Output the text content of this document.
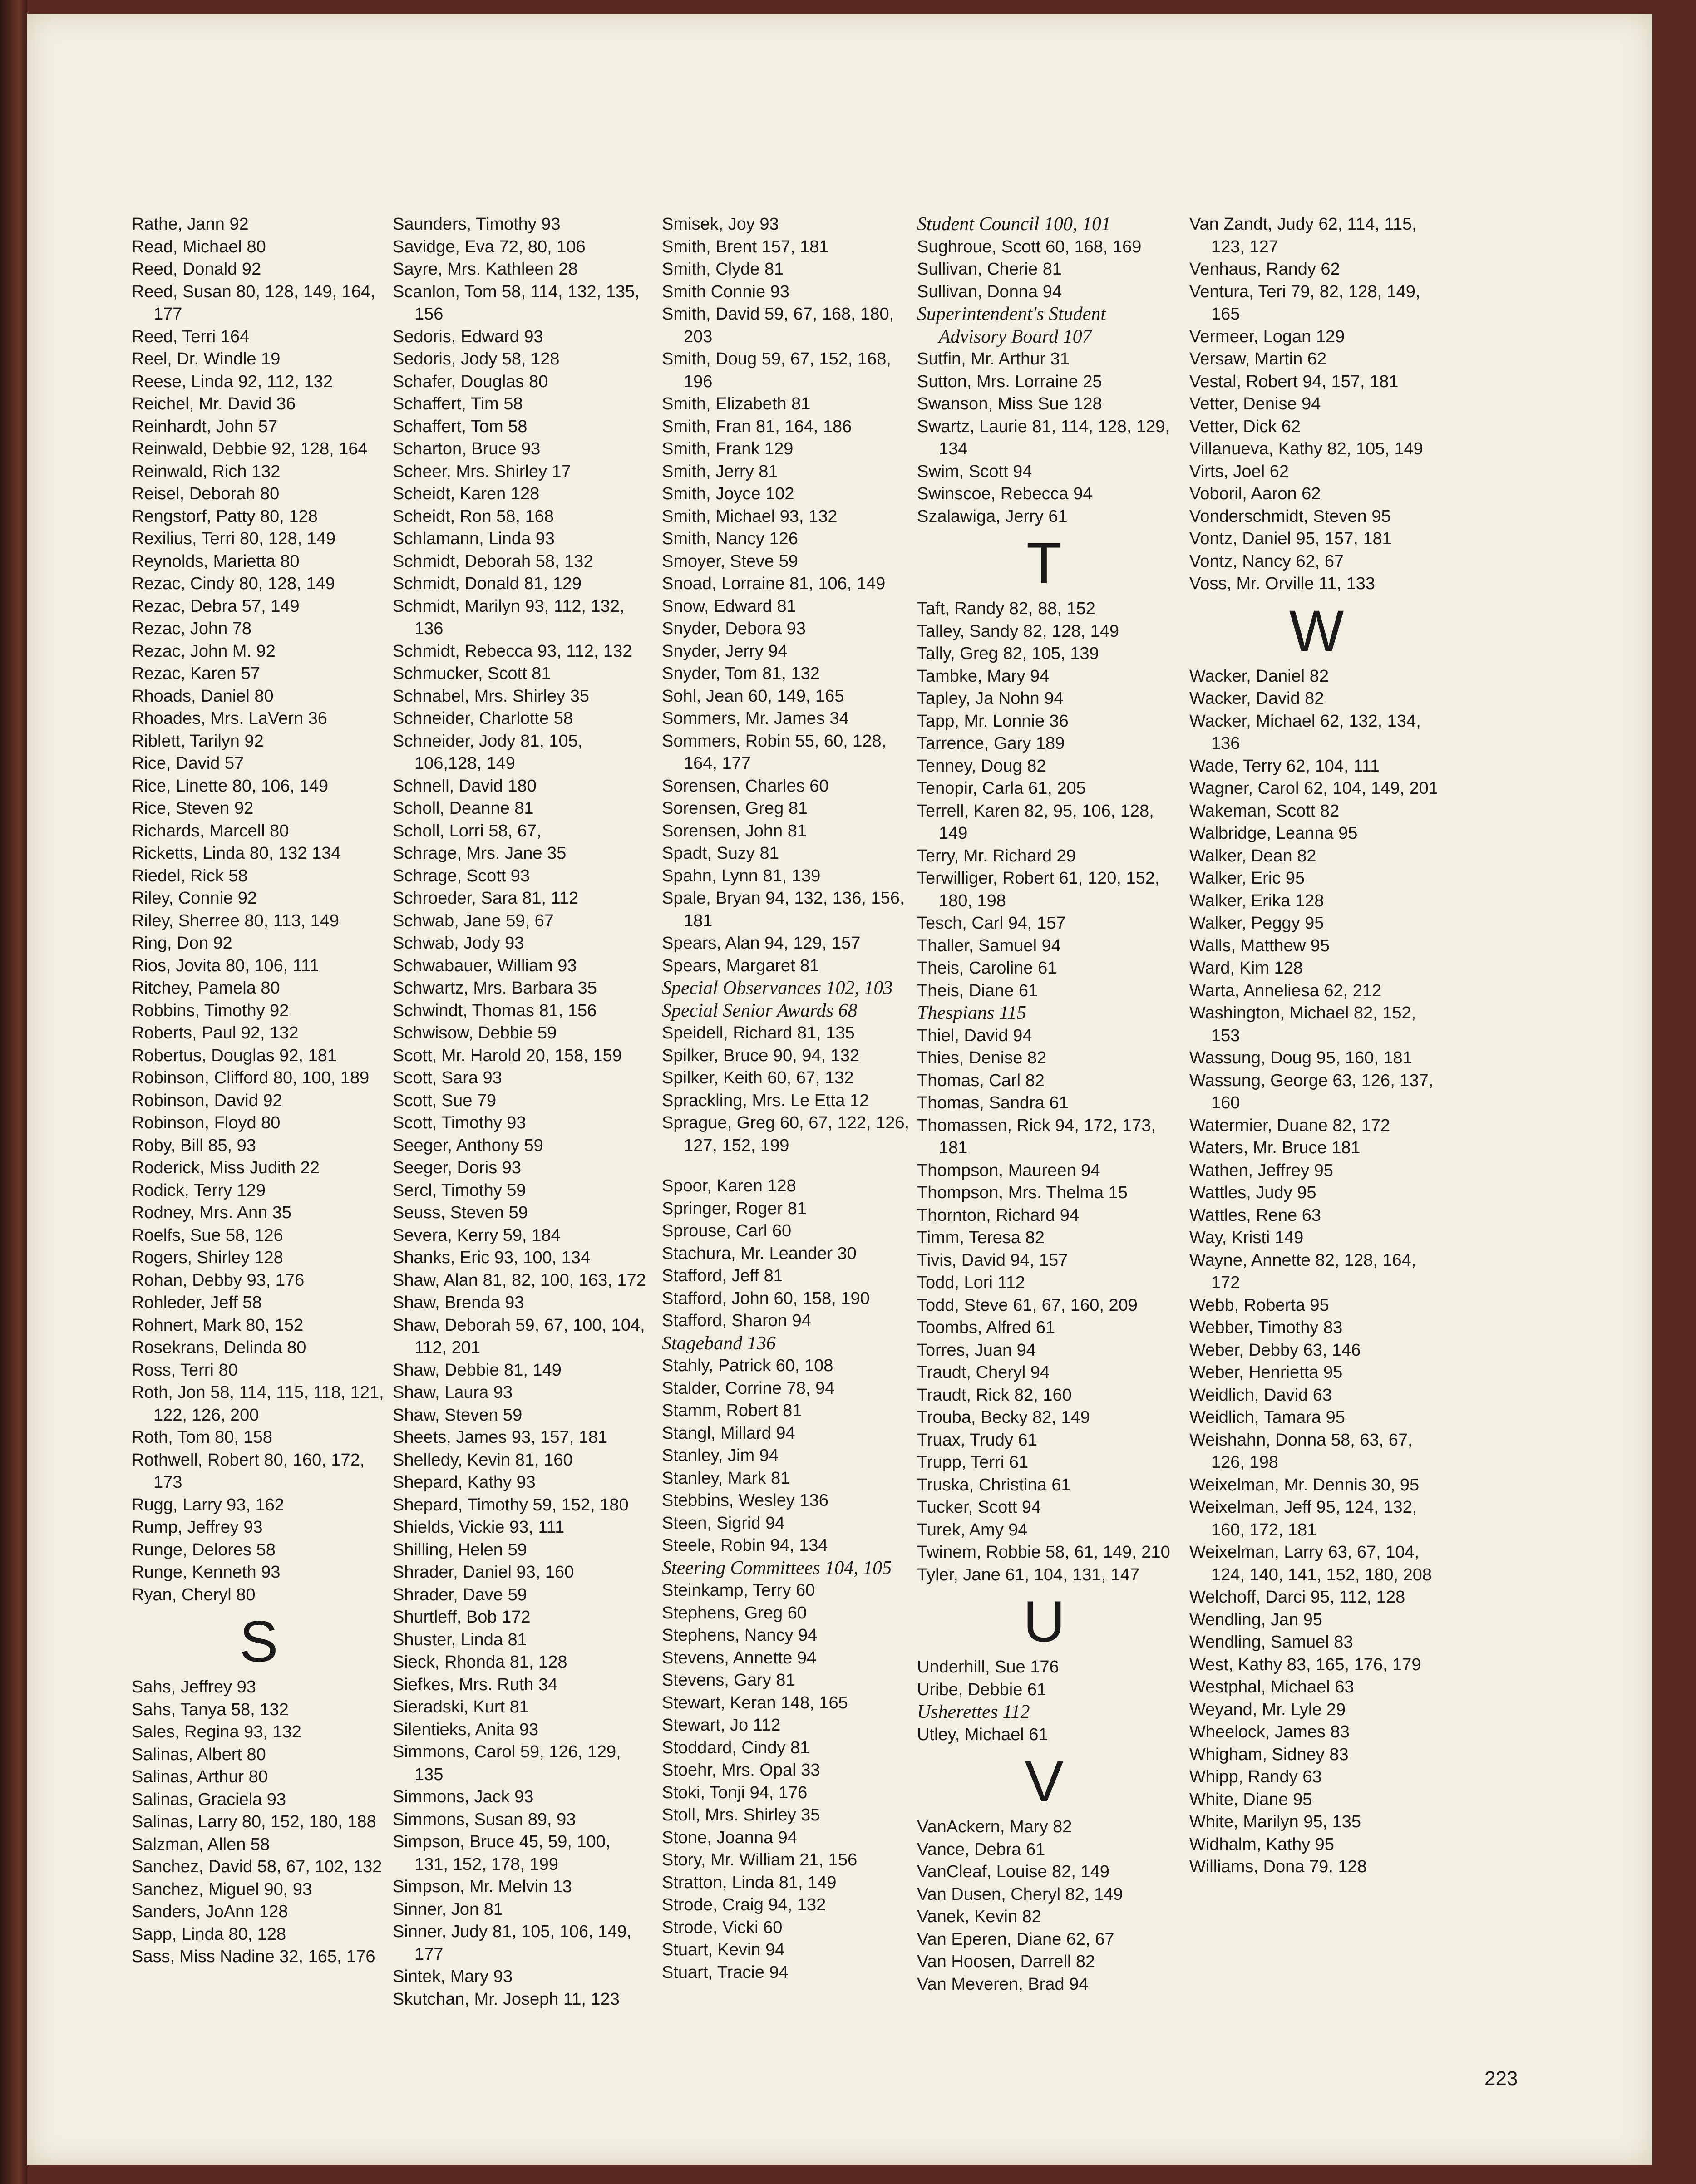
Rathe, Jann 92
Read, Michael 80
Reed, Donald 92
Reed, Susan 80, 128, 149, 164, 177
Reed, Terri 164
Reel, Dr. Windle 19
Reese, Linda 92, 112, 132
Reichel, Mr. David 36
Reinhardt, John 57
Reinwald, Debbie 92, 128, 164
Reinwald, Rich 132
Reisel, Deborah 80
Rengstorf, Patty 80, 128
Rexilius, Terri 80, 128, 149
Reynolds, Marietta 80
Rezac, Cindy 80, 128, 149
Rezac, Debra 57, 149
Rezac, John 78
Rezac, John M. 92
Rezac, Karen 57
Rhoads, Daniel 80
Rhoades, Mrs. LaVern 36
Riblett, Tarilyn 92
Rice, David 57
Rice, Linette 80, 106, 149
Rice, Steven 92
Richards, Marcell 80
Ricketts, Linda 80, 132 134
Riedel, Rick 58
Riley, Connie 92
Riley, Sherree 80, 113, 149
Ring, Don 92
Rios, Jovita 80, 106, 111
Ritchey, Pamela 80
Robbins, Timothy 92
Roberts, Paul 92, 132
Robertus, Douglas 92, 181
Robinson, Clifford 80, 100, 189
Robinson, David 92
Robinson, Floyd 80
Roby, Bill 85, 93
Roderick, Miss Judith 22
Rodick, Terry 129
Rodney, Mrs. Ann 35
Roelfs, Sue 58, 126
Rogers, Shirley 128
Rohan, Debby 93, 176
Rohleder, Jeff 58
Rohnert, Mark 80, 152
Rosekrans, Delinda 80
Ross, Terri 80
Roth, Jon 58, 114, 115, 118, 121, 122, 126, 200
Roth, Tom 80, 158
Rothwell, Robert 80, 160, 172, 173
Rugg, Larry 93, 162
Rump, Jeffrey 93
Runge, Delores 58
Runge, Kenneth 93
Ryan, Cheryl 80
S
Sahs, Jeffrey 93
Sahs, Tanya 58, 132
Sales, Regina 93, 132
Salinas, Albert 80
Salinas, Arthur 80
Salinas, Graciela 93
Salinas, Larry 80, 152, 180, 188
Salzman, Allen 58
Sanchez, David 58, 67, 102, 132
Sanchez, Miguel 90, 93
Sanders, JoAnn 128
Sapp, Linda 80, 128
Sass, Miss Nadine 32, 165, 176
Saunders, Timothy 93
Savidge, Eva 72, 80, 106
Sayre, Mrs. Kathleen 28
Scanlon, Tom 58, 114, 132, 135, 156
Sedoris, Edward 93
Sedoris, Jody 58, 128
Schafer, Douglas 80
Schaffert, Tim 58
Schaffert, Tom 58
Scharton, Bruce 93
Scheer, Mrs. Shirley 17
Scheidt, Karen 128
Scheidt, Ron 58, 168
Schlamann, Linda 93
Schmidt, Deborah 58, 132
Schmidt, Donald 81, 129
Schmidt, Marilyn 93, 112, 132, 136
Schmidt, Rebecca 93, 112, 132
Schmucker, Scott 81
Schnabel, Mrs. Shirley 35
Schneider, Charlotte 58
Schneider, Jody 81, 105, 106,128, 149
Schnell, David 180
Scholl, Deanne 81
Scholl, Lorri 58, 67,
Schrage, Mrs. Jane 35
Schrage, Scott 93
Schroeder, Sara 81, 112
Schwab, Jane 59, 67
Schwab, Jody 93
Schwabauer, William 93
Schwartz, Mrs. Barbara 35
Schwindt, Thomas 81, 156
Schwisow, Debbie 59
Scott, Mr. Harold 20, 158, 159
Scott, Sara 93
Scott, Sue 79
Scott, Timothy 93
Seeger, Anthony 59
Seeger, Doris 93
Sercl, Timothy 59
Seuss, Steven 59
Severa, Kerry 59, 184
Shanks, Eric 93, 100, 134
Shaw, Alan 81, 82, 100, 163, 172
Shaw, Brenda 93
Shaw, Deborah 59, 67, 100, 104, 112, 201
Shaw, Debbie 81, 149
Shaw, Laura 93
Shaw, Steven 59
Sheets, James 93, 157, 181
Shelledy, Kevin 81, 160
Shepard, Kathy 93
Shepard, Timothy 59, 152, 180
Shields, Vickie 93, 111
Shilling, Helen 59
Shrader, Daniel 93, 160
Shrader, Dave 59
Shurtleff, Bob 172
Shuster, Linda 81
Sieck, Rhonda 81, 128
Siefkes, Mrs. Ruth 34
Sieradski, Kurt 81
Silentieks, Anita 93
Simmons, Carol 59, 126, 129, 135
Simmons, Jack 93
Simmons, Susan 89, 93
Simpson, Bruce 45, 59, 100, 131, 152, 178, 199
Simpson, Mr. Melvin 13
Sinner, Jon 81
Sinner, Judy 81, 105, 106, 149, 177
Sintek, Mary 93
Skutchan, Mr. Joseph 11, 123
Smisek, Joy 93
Smith, Brent 157, 181
Smith, Clyde 81
Smith Connie 93
Smith, David 59, 67, 168, 180, 203
Smith, Doug 59, 67, 152, 168, 196
Smith, Elizabeth 81
Smith, Fran 81, 164, 186
Smith, Frank 129
Smith, Jerry 81
Smith, Joyce 102
Smith, Michael 93, 132
Smith, Nancy 126
Smoyer, Steve 59
Snoad, Lorraine 81, 106, 149
Snow, Edward 81
Snyder, Debora 93
Snyder, Jerry 94
Snyder, Tom 81, 132
Sohl, Jean 60, 149, 165
Sommers, Mr. James 34
Sommers, Robin 55, 60, 128, 164, 177
Sorensen, Charles 60
Sorensen, Greg 81
Sorensen, John 81
Spadt, Suzy 81
Spahn, Lynn 81, 139
Spale, Bryan 94, 132, 136, 156, 181
Spears, Alan 94, 129, 157
Spears, Margaret 81
Special Observances 102, 103
Special Senior Awards 68
Speidell, Richard 81, 135
Spilker, Bruce 90, 94, 132
Spilker, Keith 60, 67, 132
Sprackling, Mrs. Le Etta 12
Sprague, Greg 60, 67, 122, 126, 127, 152, 199
Spoor, Karen 128
Springer, Roger 81
Sprouse, Carl 60
Stachura, Mr. Leander 30
Stafford, Jeff 81
Stafford, John 60, 158, 190
Stafford, Sharon 94
Stageband 136
Stahly, Patrick 60, 108
Stalder, Corrine 78, 94
Stamm, Robert 81
Stangl, Millard 94
Stanley, Jim 94
Stanley, Mark 81
Stebbins, Wesley 136
Steen, Sigrid 94
Steele, Robin 94, 134
Steering Committees 104, 105
Steinkamp, Terry 60
Stephens, Greg 60
Stephens, Nancy 94
Stevens, Annette 94
Stevens, Gary 81
Stewart, Keran 148, 165
Stewart, Jo 112
Stoddard, Cindy 81
Stoehr, Mrs. Opal 33
Stoki, Tonji 94, 176
Stoll, Mrs. Shirley 35
Stone, Joanna 94
Story, Mr. William 21, 156
Stratton, Linda 81, 149
Strode, Craig 94, 132
Strode, Vicki 60
Stuart, Kevin 94
Stuart, Tracie 94
Student Council 100, 101
Sughroue, Scott 60, 168, 169
Sullivan, Cherie 81
Sullivan, Donna 94
Superintendent's Student Advisory Board 107
Sutfin, Mr. Arthur 31
Sutton, Mrs. Lorraine 25
Swanson, Miss Sue 128
Swartz, Laurie 81, 114, 128, 129, 134
Swim, Scott 94
Swinscoe, Rebecca 94
Szalawiga, Jerry 61
T
Taft, Randy 82, 88, 152
Talley, Sandy 82, 128, 149
Tally, Greg 82, 105, 139
Tambke, Mary 94
Tapley, Ja Nohn 94
Tapp, Mr. Lonnie 36
Tarrence, Gary 189
Tenney, Doug 82
Tenopir, Carla 61, 205
Terrell, Karen 82, 95, 106, 128, 149
Terry, Mr. Richard 29
Terwilliger, Robert 61, 120, 152, 180, 198
Tesch, Carl 94, 157
Thaller, Samuel 94
Theis, Caroline 61
Theis, Diane 61
Thespians 115
Thiel, David 94
Thies, Denise 82
Thomas, Carl 82
Thomas, Sandra 61
Thomassen, Rick 94, 172, 173, 181
Thompson, Maureen 94
Thompson, Mrs. Thelma 15
Thornton, Richard 94
Timm, Teresa 82
Tivis, David 94, 157
Todd, Lori 112
Todd, Steve 61, 67, 160, 209
Toombs, Alfred 61
Torres, Juan 94
Traudt, Cheryl 94
Traudt, Rick 82, 160
Trouba, Becky 82, 149
Truax, Trudy 61
Trupp, Terri 61
Truska, Christina 61
Tucker, Scott 94
Turek, Amy 94
Twinem, Robbie 58, 61, 149, 210
Tyler, Jane 61, 104, 131, 147
U
Underhill, Sue 176
Uribe, Debbie 61
Usherettes 112
Utley, Michael 61
V
VanAckern, Mary 82
Vance, Debra 61
VanCleaf, Louise 82, 149
Van Dusen, Cheryl 82, 149
Vanek, Kevin 82
Van Eperen, Diane 62, 67
Van Hoosen, Darrell 82
Van Meveren, Brad 94
Van Zandt, Judy 62, 114, 115, 123, 127
Venhaus, Randy 62
Ventura, Teri 79, 82, 128, 149, 165
Vermeer, Logan 129
Versaw, Martin 62
Vestal, Robert 94, 157, 181
Vetter, Denise 94
Vetter, Dick 62
Villanueva, Kathy 82, 105, 149
Virts, Joel 62
Voboril, Aaron 62
Vonderschmidt, Steven 95
Vontz, Daniel 95, 157, 181
Vontz, Nancy 62, 67
Voss, Mr. Orville 11, 133
W
Wacker, Daniel 82
Wacker, David 82
Wacker, Michael 62, 132, 134, 136
Wade, Terry 62, 104, 111
Wagner, Carol 62, 104, 149, 201
Wakeman, Scott 82
Walbridge, Leanna 95
Walker, Dean 82
Walker, Eric 95
Walker, Erika 128
Walker, Peggy 95
Walls, Matthew 95
Ward, Kim 128
Warta, Anneliesa 62, 212
Washington, Michael 82, 152, 153
Wassung, Doug 95, 160, 181
Wassung, George 63, 126, 137, 160
Watermier, Duane 82, 172
Waters, Mr. Bruce 181
Wathen, Jeffrey 95
Wattles, Judy 95
Wattles, Rene 63
Way, Kristi 149
Wayne, Annette 82, 128, 164, 172
Webb, Roberta 95
Webber, Timothy 83
Weber, Debby 63, 146
Weber, Henrietta 95
Weidlich, David 63
Weidlich, Tamara 95
Weishahn, Donna 58, 63, 67, 126, 198
Weixelman, Mr. Dennis 30, 95
Weixelman, Jeff 95, 124, 132, 160, 172, 181
Weixelman, Larry 63, 67, 104, 124, 140, 141, 152, 180, 208
Welchoff, Darci 95, 112, 128
Wendling, Jan 95
Wendling, Samuel 83
West, Kathy 83, 165, 176, 179
Westphal, Michael 63
Weyand, Mr. Lyle 29
Wheelock, James 83
Whigham, Sidney 83
Whipp, Randy 63
White, Diane 95
White, Marilyn 95, 135
Widhalm, Kathy 95
Williams, Dona 79, 128
223
